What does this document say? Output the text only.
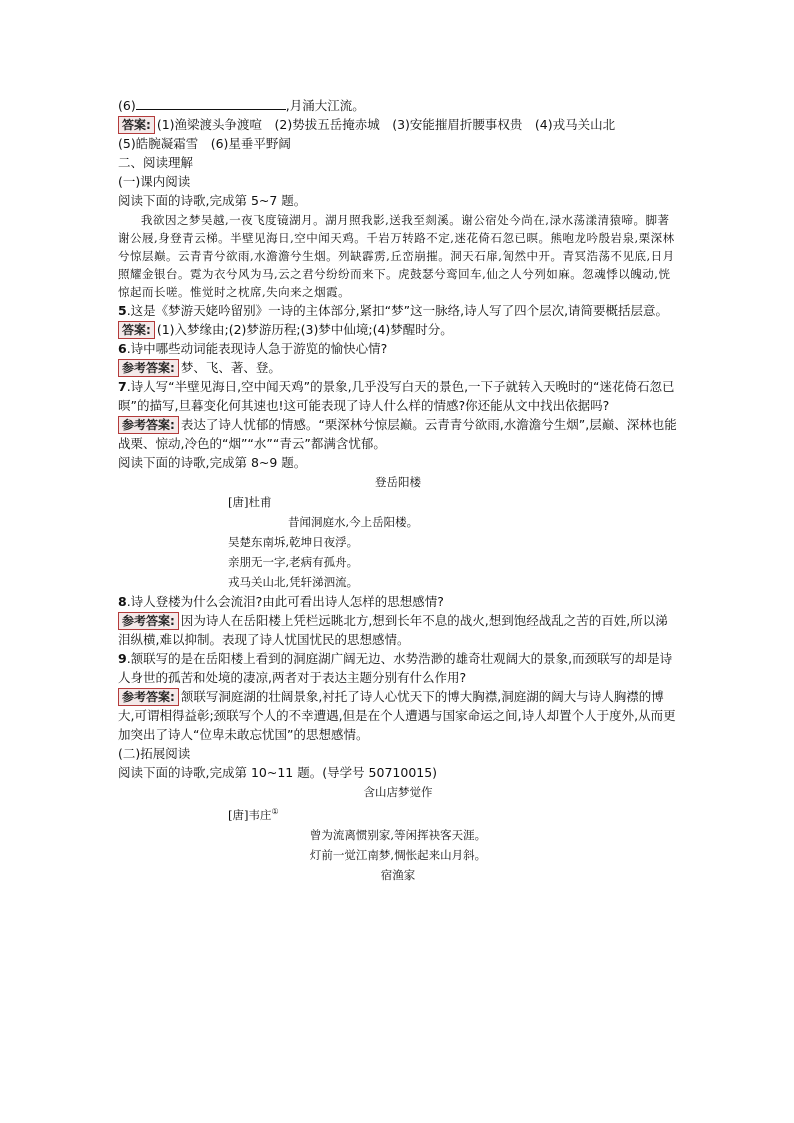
(6)	,月涌大江流。
答案: (1)渔梁渡头争渡喧　(2)势拔五岳掩赤城　(3)安能摧眉折腰事权贵　(4)戎马关山北
(5)皓腕凝霜雪　(6)星垂平野阔
二、阅读理解
(一)课内阅读
阅读下面的诗歌,完成第 5~7 题。
我欲因之梦吴越,一夜飞度镜湖月。湖月照我影,送我至剡溪。谢公宿处今尚在,渌水荡漾清猿啼。脚著谢公屐,身登青云梯。半壁见海日,空中闻天鸡。千岩万转路不定,迷花倚石忽已暝。熊咆龙吟殷岩泉,栗深林兮惊层巅。云青青兮欲雨,水澹澹兮生烟。列缺霹雳,丘峦崩摧。洞天石扉,訇然中开。青冥浩荡不见底,日月照耀金银台。霓为衣兮风为马,云之君兮纷纷而来下。虎鼓瑟兮鸾回车,仙之人兮列如麻。忽魂悸以魄动,恍惊起而长嗟。惟觉时之枕席,失向来之烟霞。
5.这是《梦游天姥吟留别》一诗的主体部分,紧扣“梦”这一脉络,诗人写了四个层次,请简要概括层意。
答案: (1)入梦缘由;(2)梦游历程;(3)梦中仙境;(4)梦醒时分。
6.诗中哪些动词能表现诗人急于游览的愉快心情?
参考答案: 梦、飞、著、登。
7.诗人写“半壁见海日,空中闻天鸡”的景象,几乎没写白天的景色,一下子就转入天晚时的“迷花倚石忽已暝”的描写,旦暮变化何其速也!这可能表现了诗人什么样的情感?你还能从文中找出依据吗?
参考答案: 表达了诗人忧郁的情感。“栗深林兮惊层巅。云青青兮欲雨,水澹澹兮生烟”,层巅、深林也能战栗、惊动,冷色的“烟”“水”“青云”都满含忧郁。
阅读下面的诗歌,完成第 8~9 题。
登岳阳楼
[唐]杜甫
昔闻洞庭水,今上岳阳楼。
吴楚东南坼,乾坤日夜浮。
亲朋无一字,老病有孤舟。
戎马关山北,凭轩涕泗流。
8.诗人登楼为什么会流泪?由此可看出诗人怎样的思想感情?
参考答案: 因为诗人在岳阳楼上凭栏远眺北方,想到长年不息的战火,想到饱经战乱之苦的百姓,所以涕泪纵横,难以抑制。表现了诗人忧国忧民的思想感情。
9.颔联写的是在岳阳楼上看到的洞庭湖广阔无边、水势浩渺的雄奇壮观阔大的景象,而颈联写的却是诗人身世的孤苦和处境的凄凉,两者对于表达主题分别有什么作用?
参考答案: 颔联写洞庭湖的壮阔景象,衬托了诗人心忧天下的博大胸襟,洞庭湖的阔大与诗人胸襟的博大,可谓相得益彰;颈联写个人的不幸遭遇,但是在个人遭遇与国家命运之间,诗人却置个人于度外,从而更加突出了诗人“位卑未敢忘忧国”的思想感情。
(二)拓展阅读
阅读下面的诗歌,完成第 10~11 题。(导学号 50710015)
含山店梦觉作
[唐]韦庄①
曾为流离惯别家,等闲挥袂客天涯。
灯前一觉江南梦,惆怅起来山月斜。
宿渔家
